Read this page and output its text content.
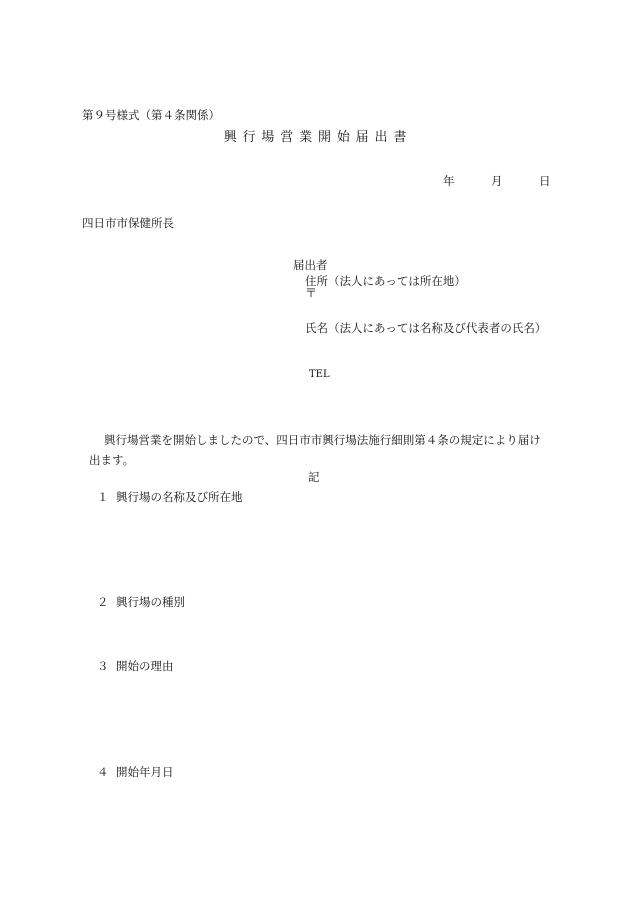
第９号様式（第４条関係）
興行場営業開始届出書
年	月	日
四日市市保健所長
届出者
住所（法人にあっては所在地）
〒
氏名（法人にあっては名称及び代表者の氏名）
TEL
興行場営業を開始しましたので、四日市市興行場法施行細則第４条の規定により届け
出ます。
記
１ 興行場の名称及び所在地
２ 興行場の種別
３ 開始の理由
４ 開始年月日
